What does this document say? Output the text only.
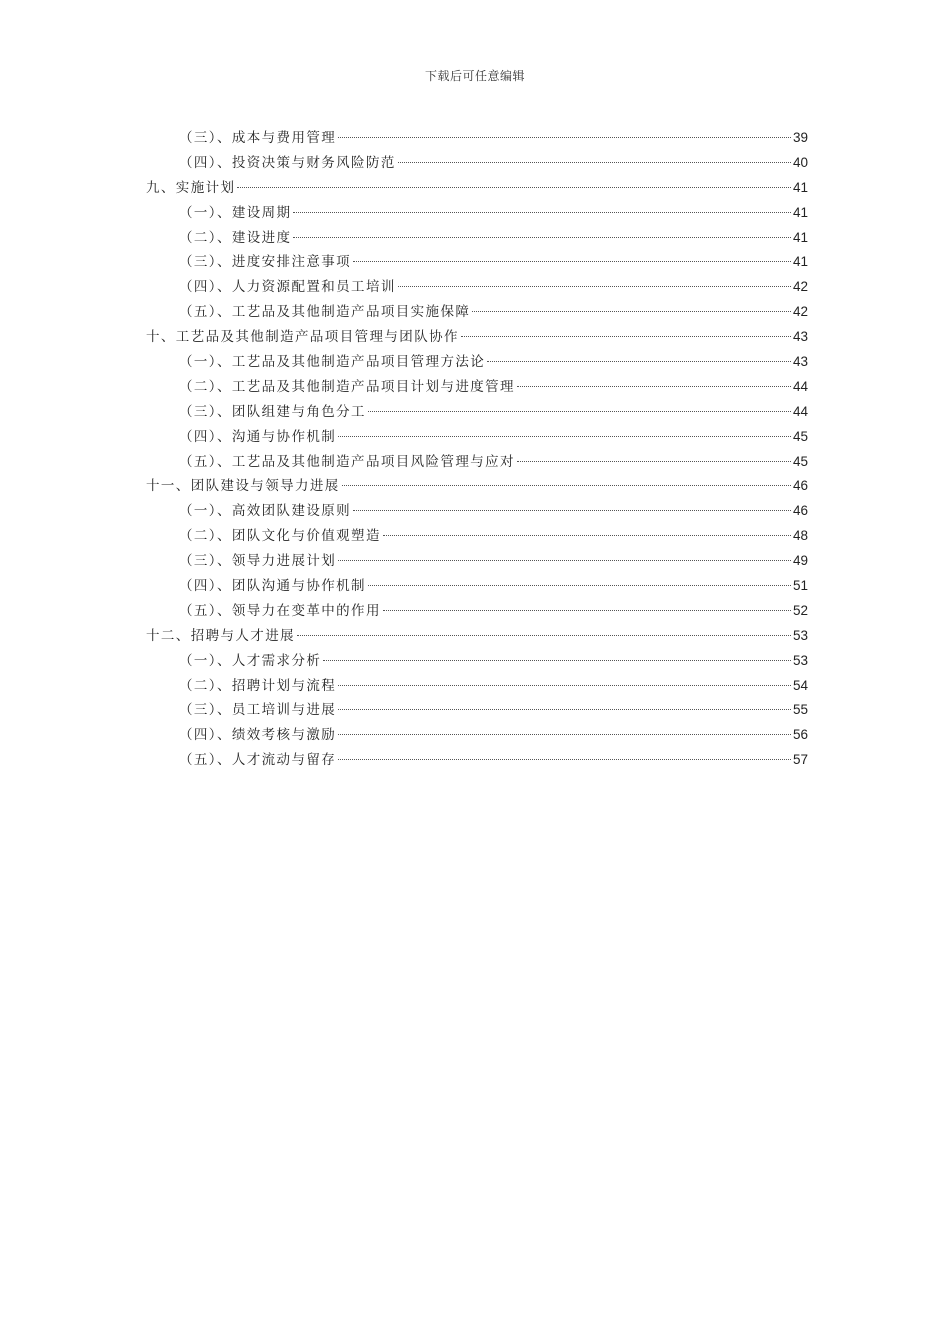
下载后可任意编辑
（三）、成本与费用管理	39
（四）、投资决策与财务风险防范	40
九、实施计划	41
（一）、建设周期	41
（二）、建设进度	41
（三）、进度安排注意事项	41
（四）、人力资源配置和员工培训	42
（五）、工艺品及其他制造产品项目实施保障	42
十、工艺品及其他制造产品项目管理与团队协作	43
（一）、工艺品及其他制造产品项目管理方法论	43
（二）、工艺品及其他制造产品项目计划与进度管理	44
（三）、团队组建与角色分工	44
（四）、沟通与协作机制	45
（五）、工艺品及其他制造产品项目风险管理与应对	45
十一、团队建设与领导力进展	46
（一）、高效团队建设原则	46
（二）、团队文化与价值观塑造	48
（三）、领导力进展计划	49
（四）、团队沟通与协作机制	51
（五）、领导力在变革中的作用	52
十二、招聘与人才进展	53
（一）、人才需求分析	53
（二）、招聘计划与流程	54
（三）、员工培训与进展	55
（四）、绩效考核与激励	56
（五）、人才流动与留存	57
